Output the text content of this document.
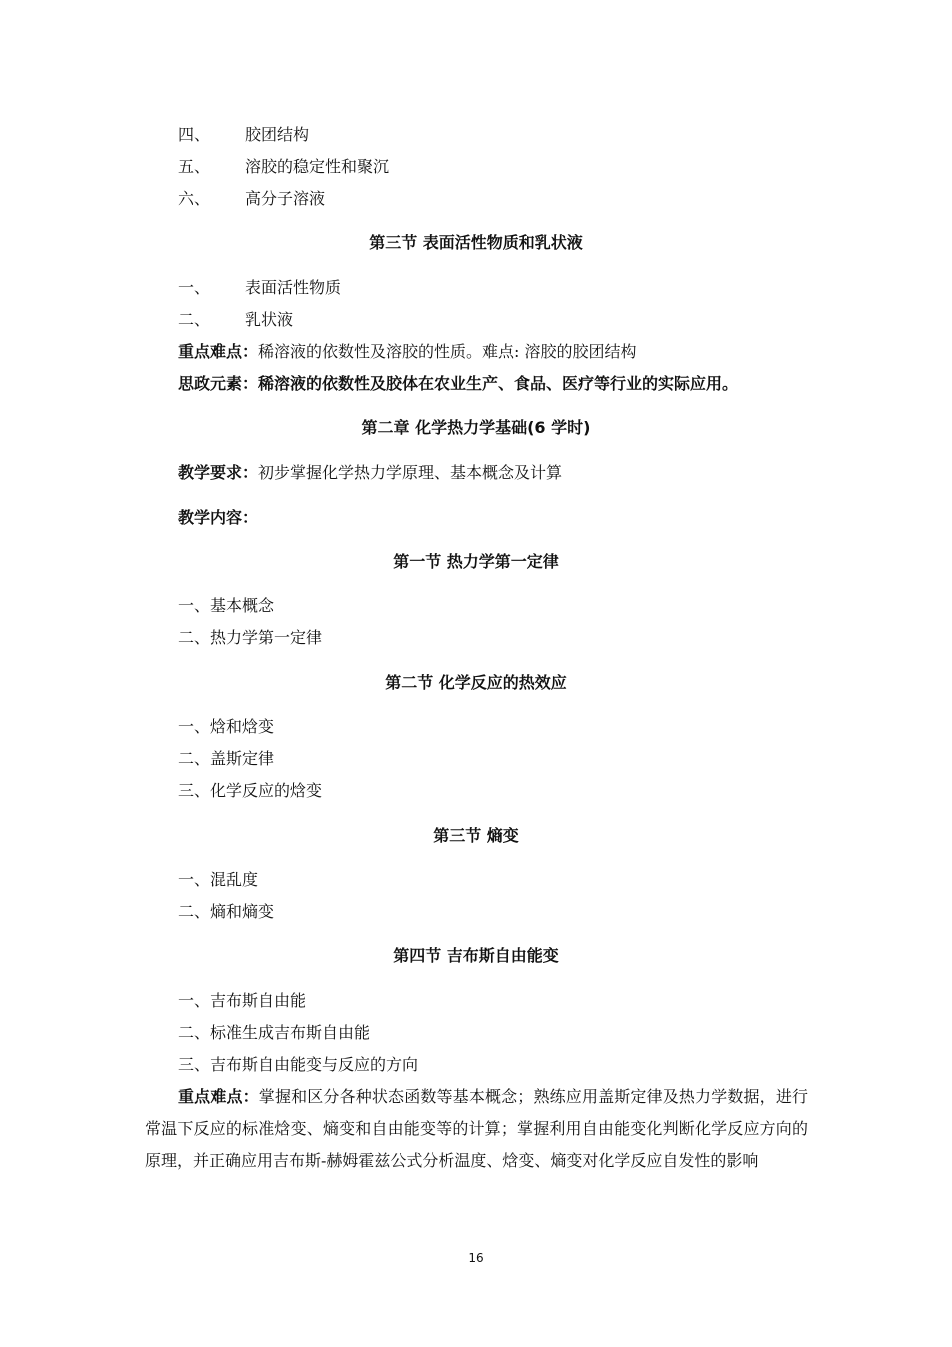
四、 胶团结构
五、 溶胶的稳定性和聚沉
六、 高分子溶液
第三节 表面活性物质和乳状液
一、 表面活性物质
二、 乳状液
重点难点：稀溶液的依数性及溶胶的性质。难点: 溶胶的胶团结构
思政元素：稀溶液的依数性及胶体在农业生产、食品、医疗等行业的实际应用。
第二章 化学热力学基础(6 学时)
教学要求：初步掌握化学热力学原理、基本概念及计算
教学内容：
第一节 热力学第一定律
一、基本概念
二、热力学第一定律
第二节 化学反应的热效应
一、焓和焓变
二、盖斯定律
三、化学反应的焓变
第三节 熵变
一、混乱度
二、熵和熵变
第四节 吉布斯自由能变
一、吉布斯自由能
二、标准生成吉布斯自由能
三、吉布斯自由能变与反应的方向
重点难点：掌握和区分各种状态函数等基本概念；熟练应用盖斯定律及热力学数据，进行常温下反应的标准焓变、熵变和自由能变等的计算；掌握利用自由能变化判断化学反应方向的原理，并正确应用吉布斯-赫姆霍兹公式分析温度、焓变、熵变对化学反应自发性的影响
16
